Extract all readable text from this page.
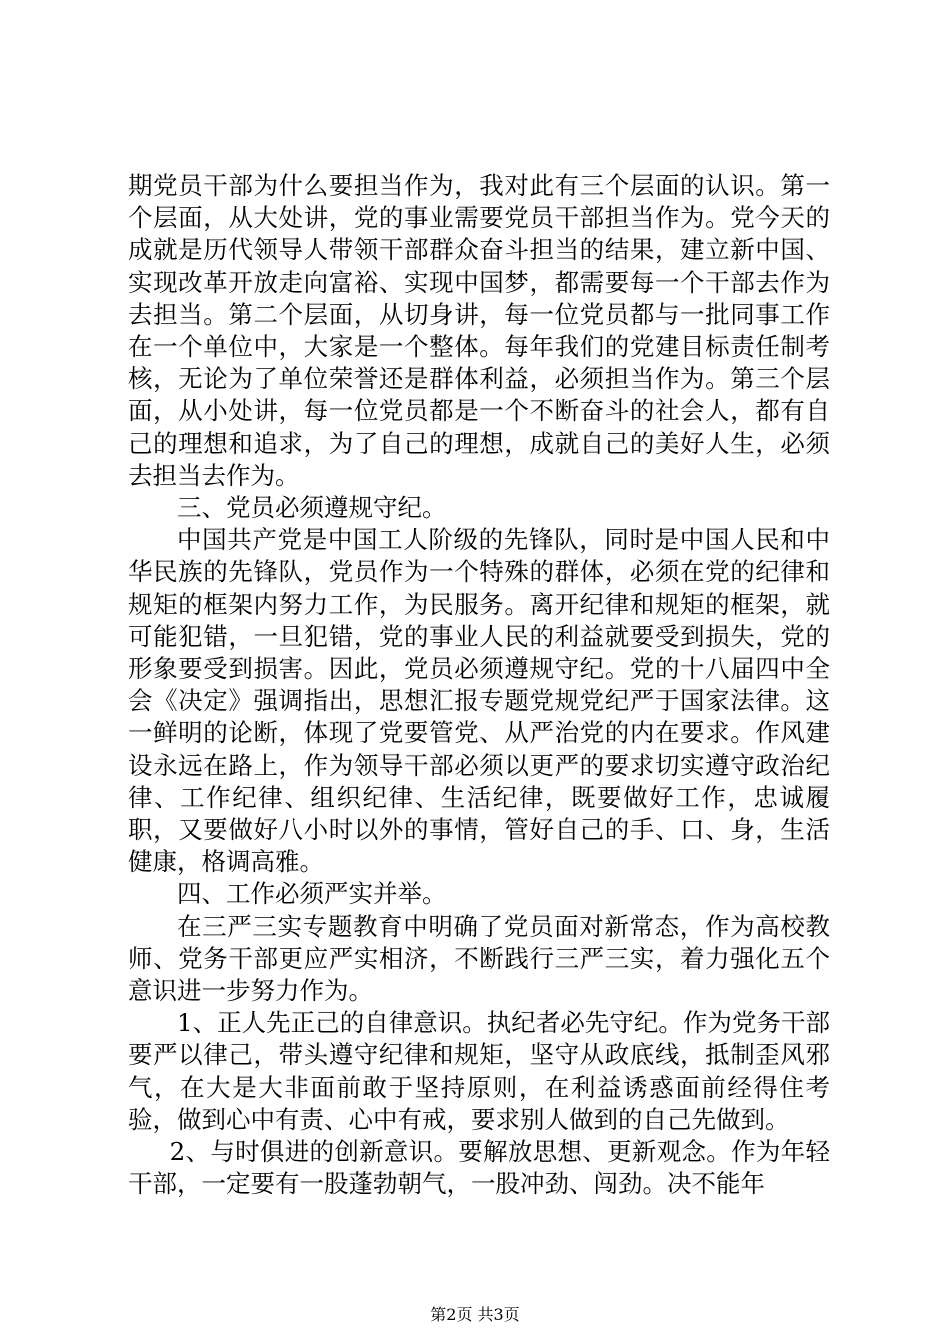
期党员干部为什么要担当作为，我对此有三个层面的认识。第一个层面，从大处讲，党的事业需要党员干部担当作为。党今天的成就是历代领导人带领干部群众奋斗担当的结果，建立新中国、实现改革开放走向富裕、实现中国梦，都需要每一个干部去作为去担当。第二个层面，从切身讲，每一位党员都与一批同事工作在一个单位中，大家是一个整体。每年我们的党建目标责任制考核，无论为了单位荣誉还是群体利益，必须担当作为。第三个层面，从小处讲，每一位党员都是一个不断奋斗的社会人，都有自己的理想和追求，为了自己的理想，成就自己的美好人生，必须去担当去作为。

三、党员必须遵规守纪。

中国共产党是中国工人阶级的先锋队，同时是中国人民和中华民族的先锋队，党员作为一个特殊的群体，必须在党的纪律和规矩的框架内努力工作，为民服务。离开纪律和规矩的框架，就可能犯错，一旦犯错，党的事业人民的利益就要受到损失，党的形象要受到损害。因此，党员必须遵规守纪。党的十八届四中全会《决定》强调指出，思想汇报专题党规党纪严于国家法律。这一鲜明的论断，体现了党要管党、从严治党的内在要求。作风建设永远在路上，作为领导干部必须以更严的要求切实遵守政治纪律、工作纪律、组织纪律、生活纪律，既要做好工作，忠诚履职，又要做好八小时以外的事情，管好自己的手、口、身，生活健康，格调高雅。

四、工作必须严实并举。

在三严三实专题教育中明确了党员面对新常态，作为高校教师、党务干部更应严实相济，不断践行三严三实，着力强化五个意识进一步努力作为。

1、正人先正己的自律意识。执纪者必先守纪。作为党务干部要严以律己，带头遵守纪律和规矩，坚守从政底线，抵制歪风邪气，在大是大非面前敢于坚持原则，在利益诱惑面前经得住考验，做到心中有责、心中有戒，要求别人做到的自己先做到。

2、与时俱进的创新意识。要解放思想、更新观念。作为年轻干部，一定要有一股蓬勃朝气，一股冲劲、闯劲。决不能年

第2页 共3页
